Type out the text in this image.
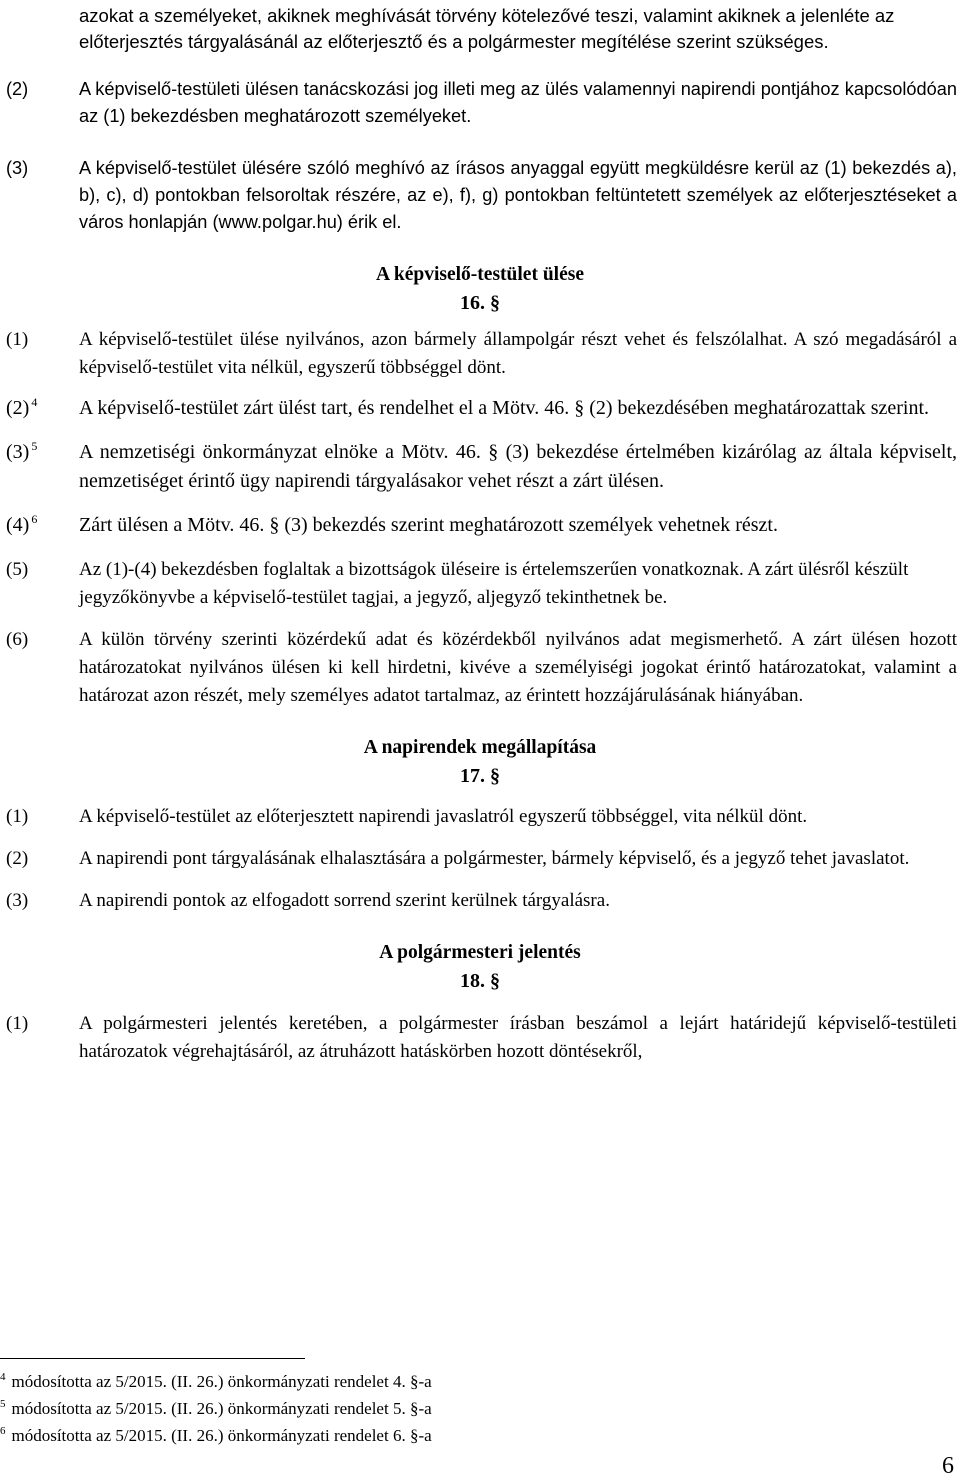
azokat a személyeket, akiknek meghívását törvény kötelezővé teszi, valamint akiknek a jelenléte az előterjesztés tárgyalásánál az előterjesztő és a polgármester megítélése szerint szükséges.
(2)	A képviselő-testületi ülésen tanácskozási jog illeti meg az ülés valamennyi napirendi pontjához kapcsolódóan az (1) bekezdésben meghatározott személyeket.
(3)	A képviselő-testület ülésére szóló meghívó az írásos anyaggal együtt megküldésre kerül az (1) bekezdés a), b), c), d) pontokban felsoroltak részére, az e), f), g) pontokban feltüntetett személyek az előterjesztéseket a város honlapján (www.polgar.hu) érik el.
A képviselő-testület ülése
16. §
(1)	A képviselő-testület ülése nyilvános, azon bármely állampolgár részt vehet és felszólalhat. A szó megadásáról a képviselő-testület vita nélkül, egyszerű többséggel dönt.
(2) $^4$	A képviselő-testület zárt ülést tart, és rendelhet el a Mötv. 46. § (2) bekezdésében meghatározattak szerint.
(3) $^5$	A nemzetiségi önkormányzat elnöke a Mötv. 46. § (3) bekezdése értelmében kizárólag az általa képviselt, nemzetiséget érintő ügy napirendi tárgyalásakor vehet részt a zárt ülésen.
(4) $^6$	Zárt ülésen a Mötv. 46. § (3) bekezdés szerint meghatározott személyek vehetnek részt.
(5)	Az (1)-(4) bekezdésben foglaltak a bizottságok üléseire is értelemszerűen vonatkoznak. A zárt ülésről készült jegyzőkönyvbe a képviselő-testület tagjai, a jegyző, aljegyző tekinthetnek be.
(6)	A külön törvény szerinti közérdekű adat és közérdekből nyilvános adat megismerhető. A zárt ülésen hozott határozatokat nyilvános ülésen ki kell hirdetni, kivéve a személyiségi jogokat érintő határozatokat, valamint a határozat azon részét, mely személyes adatot tartalmaz, az érintett hozzájárulásának hiányában.
A napirendek megállapítása
17. §
(1)	A képviselő-testület az előterjesztett napirendi javaslatról egyszerű többséggel, vita nélkül dönt.
(2)	A napirendi pont tárgyalásának elhalasztására a polgármester, bármely képviselő, és a jegyző tehet javaslatot.
(3)	A napirendi pontok az elfogadott sorrend szerint kerülnek tárgyalásra.
A polgármesteri jelentés
18. §
(1)	A polgármesteri jelentés keretében, a polgármester írásban beszámol a lejárt határidejű képviselő-testületi határozatok végrehajtásáról, az átruházott hatáskörben hozott döntésekről,
$^4$ módosította az 5/2015. (II. 26.) önkormányzati rendelet 4. §-a
$^5$ módosította az 5/2015. (II. 26.) önkormányzati rendelet 5. §-a
$^6$ módosította az 5/2015. (II. 26.) önkormányzati rendelet 6. §-a
6
